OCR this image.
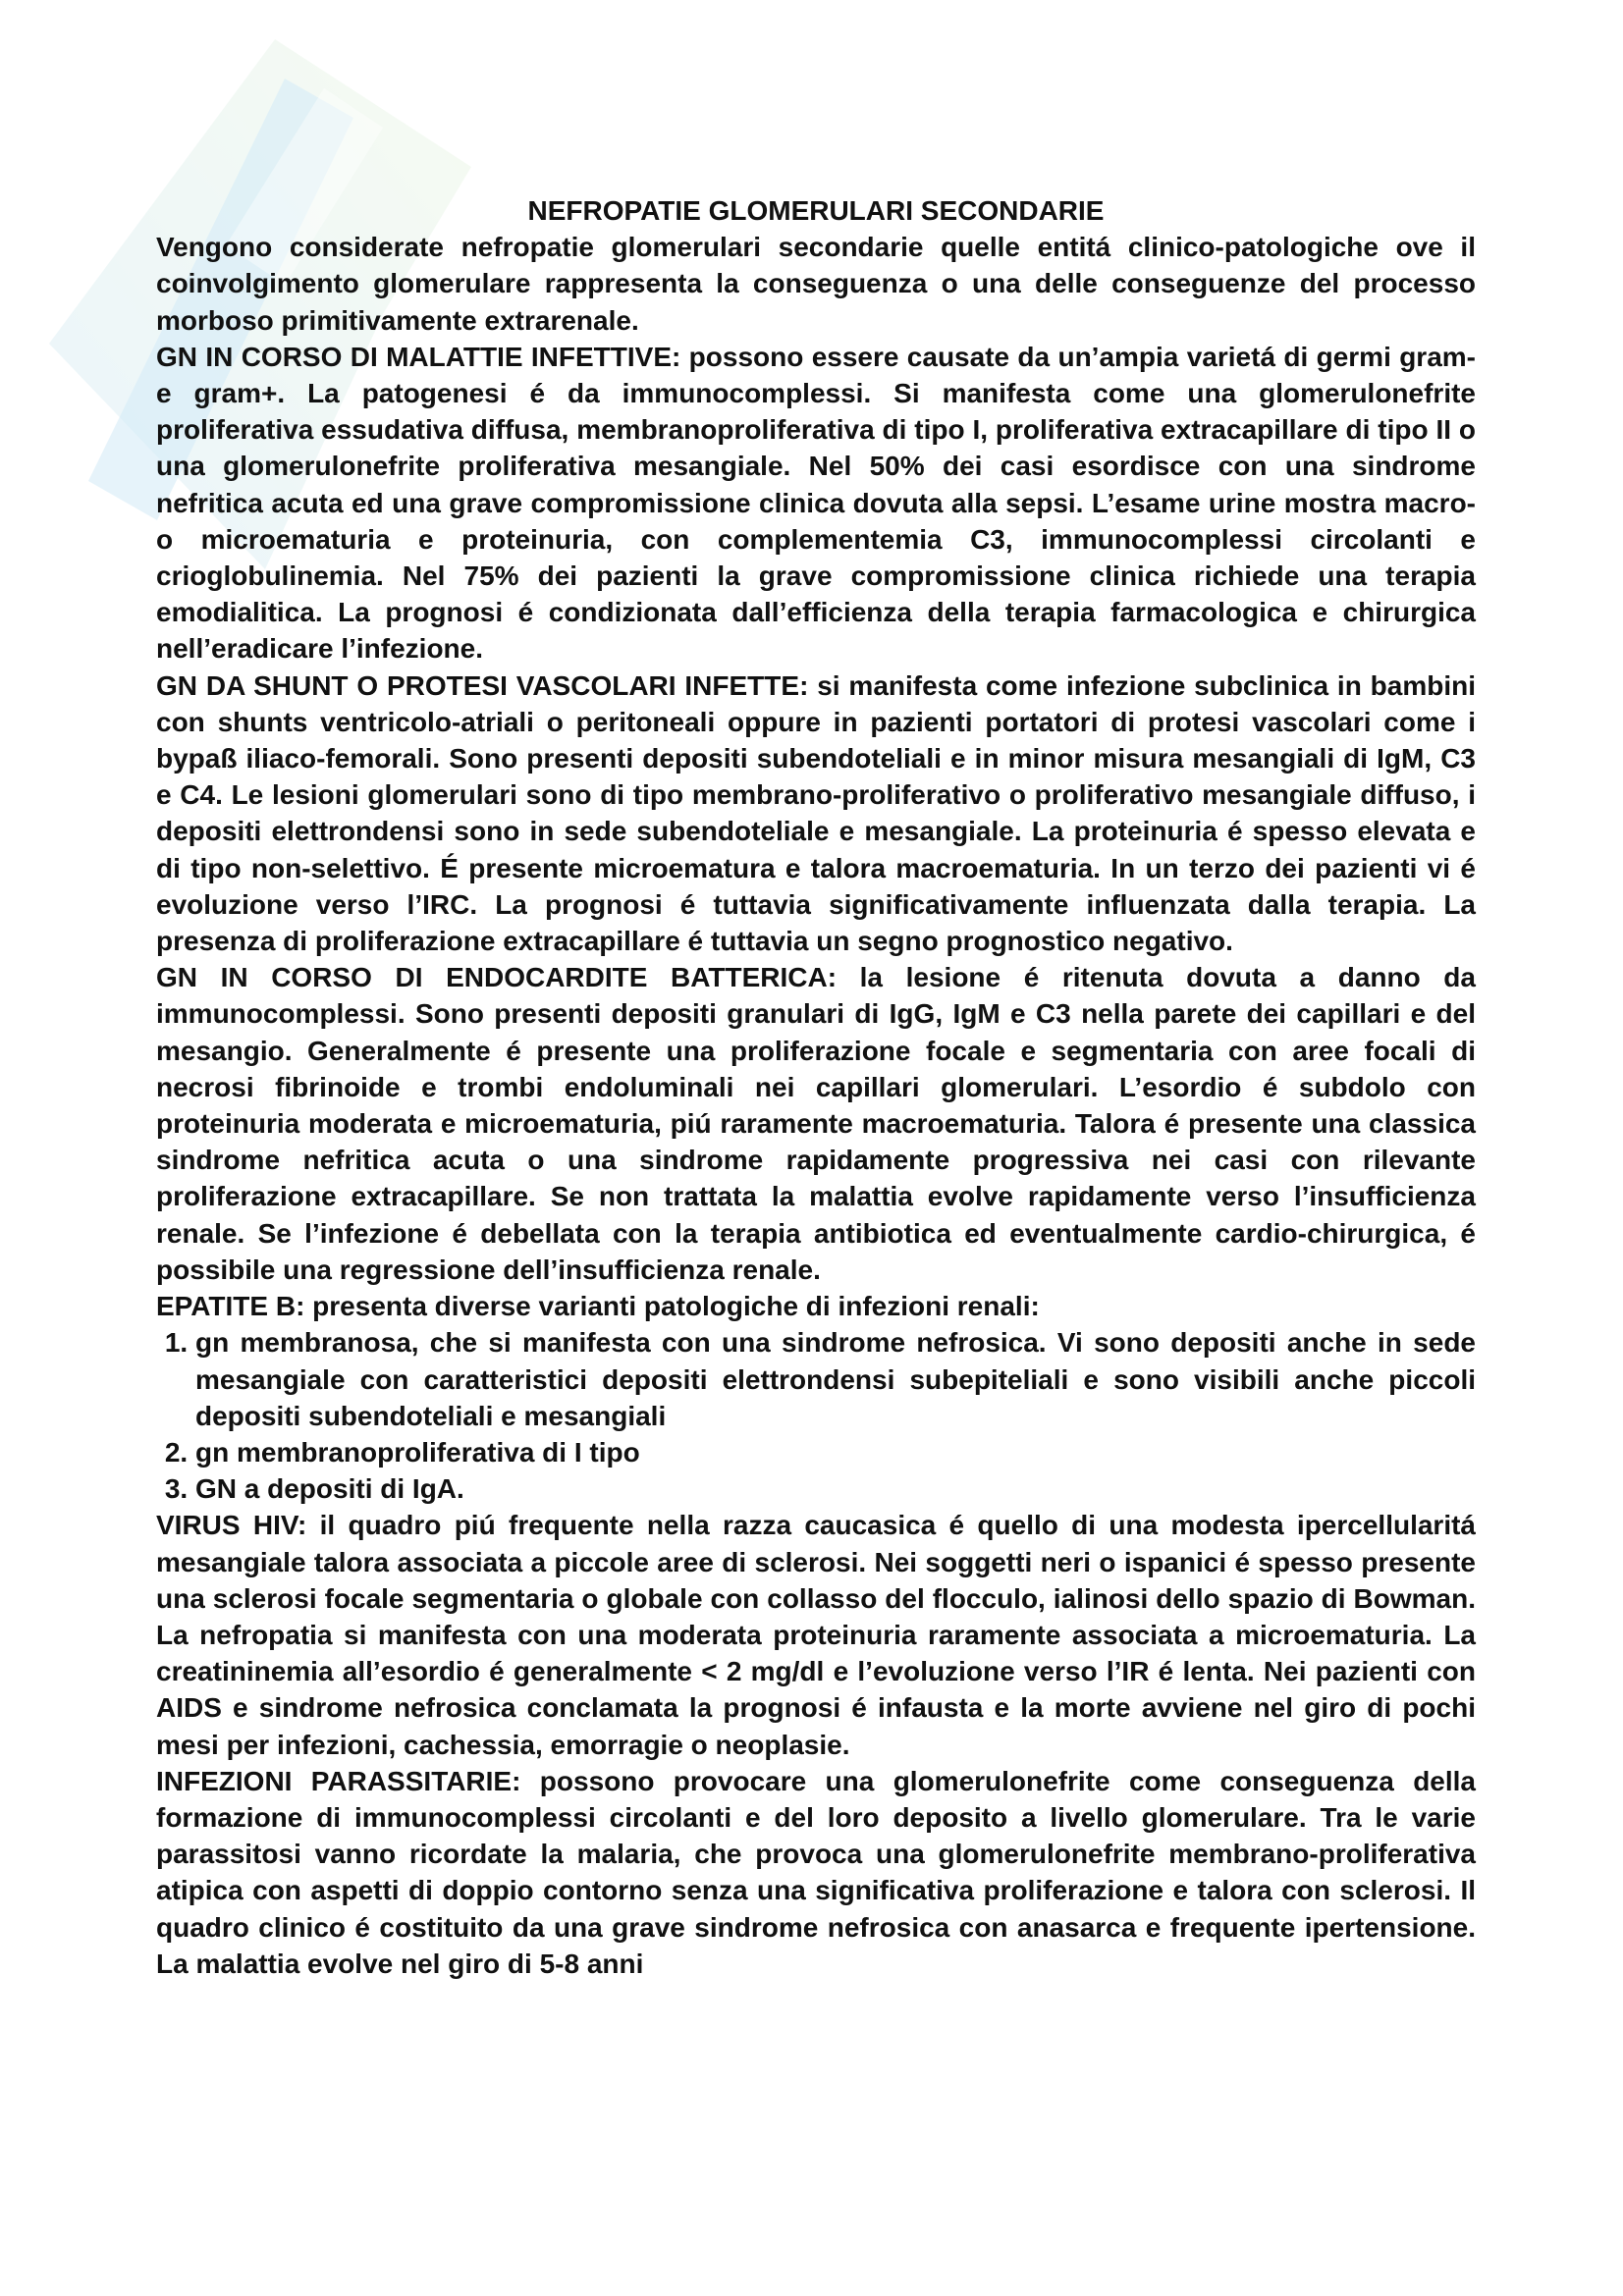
NEFROPATIE GLOMERULARI SECONDARIE

Vengono considerate nefropatie glomerulari secondarie quelle entitá clinico-patologiche ove il coinvolgimento glomerulare rappresenta la conseguenza o una delle conseguenze del processo morboso primitivamente extrarenale.

GN IN CORSO DI MALATTIE INFETTIVE: possono essere causate da un’ampia varietá di germi gram- e gram+. La patogenesi é da immunocomplessi. Si manifesta come una glomerulonefrite proliferativa essudativa diffusa, membranoproliferativa di tipo I, proliferativa extracapillare di tipo II o una glomerulonefrite proliferativa mesangiale. Nel 50% dei casi esordisce con una sindrome nefritica acuta ed una grave compromissione clinica dovuta alla sepsi. L’esame urine mostra macro- o microematuria e proteinuria, con complementemia C3, immunocomplessi circolanti e crioglobulinemia. Nel 75% dei pazienti la grave compromissione clinica richiede una terapia emodialitica. La prognosi é condizionata dall’efficienza della terapia farmacologica e chirurgica nell’eradicare l’infezione.

GN DA SHUNT O PROTESI VASCOLARI INFETTE: si manifesta come infezione subclinica in bambini con shunts ventricolo-atriali o peritoneali oppure in pazienti portatori di protesi vascolari come i bypaß iliaco-femorali. Sono presenti depositi subendoteliali e in minor misura mesangiali di IgM, C3 e C4. Le lesioni glomerulari sono di tipo membrano-proliferativo o proliferativo mesangiale diffuso, i depositi elettrondensi sono in sede subendoteliale e mesangiale. La proteinuria é spesso elevata e di tipo non-selettivo. É presente microematura e talora macroematuria. In un terzo dei pazienti vi é evoluzione verso l’IRC. La prognosi é tuttavia significativamente influenzata dalla terapia. La presenza di proliferazione extracapillare é tuttavia un segno prognostico negativo.

GN IN CORSO DI ENDOCARDITE BATTERICA: la lesione é ritenuta dovuta a danno da immunocomplessi. Sono presenti depositi granulari di IgG, IgM e C3 nella parete dei capillari e del mesangio. Generalmente é presente una proliferazione focale e segmentaria con aree focali di necrosi fibrinoide e trombi endoluminali nei capillari glomerulari. L’esordio é subdolo con proteinuria moderata e microematuria, piú raramente macroematuria. Talora é presente una classica sindrome nefritica acuta o una sindrome rapidamente progressiva nei casi con rilevante proliferazione extracapillare. Se non trattata la malattia evolve rapidamente verso l’insufficienza renale. Se l’infezione é debellata con la terapia antibiotica ed eventualmente cardio-chirurgica, é possibile una regressione dell’insufficienza renale.

EPATITE B: presenta diverse varianti patologiche di infezioni renali:

1. gn membranosa, che si manifesta con una sindrome nefrosica. Vi sono depositi anche in sede mesangiale con caratteristici depositi elettrondensi subepiteliali e sono visibili anche piccoli depositi subendoteliali e mesangiali
2. gn membranoproliferativa di I tipo
3. GN a depositi di IgA.

VIRUS HIV: il quadro piú frequente nella razza caucasica é quello di una modesta ipercellularitá mesangiale talora associata a piccole aree di sclerosi. Nei soggetti neri o ispanici é spesso presente una sclerosi focale segmentaria o globale con collasso del flocculo, ialinosi dello spazio di Bowman. La nefropatia si manifesta con una moderata proteinuria raramente associata a microematuria. La creatininemia all’esordio é generalmente < 2 mg/dl e l’evoluzione verso l’IR é lenta. Nei pazienti con AIDS e sindrome nefrosica conclamata la prognosi é infausta e la morte avviene nel giro di pochi mesi per infezioni, cachessia, emorragie o neoplasie.

INFEZIONI PARASSITARIE: possono provocare una glomerulonefrite come conseguenza della formazione di immunocomplessi circolanti e del loro deposito a livello glomerulare. Tra le varie parassitosi vanno ricordate la malaria, che provoca una glomerulonefrite membrano-proliferativa atipica con aspetti di doppio contorno senza una significativa proliferazione e talora con sclerosi. Il quadro clinico é costituito da una grave sindrome nefrosica con anasarca e frequente ipertensione. La malattia evolve nel giro di 5-8 anni
